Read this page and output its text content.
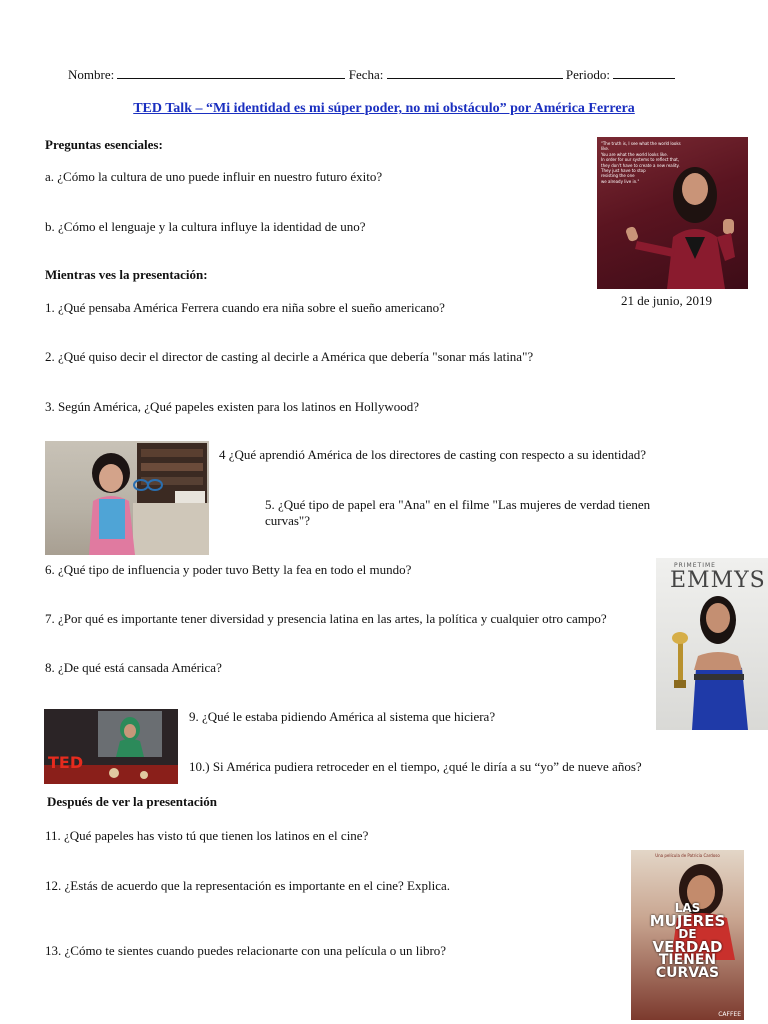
Nombre:	Fecha:	Periodo:
TED Talk – “Mi identidad es mi súper poder, no mi obstáculo” por América Ferrera
Preguntas esenciales:
a. ¿Cómo la cultura de uno puede influir en nuestro futuro éxito?
b. ¿Cómo el lenguaje y la cultura influye la identidad de uno?
"The truth is, I see what the world looks like.
You are what the world looks like.
In order for our systems to reflect that,
they don't have to create a new reality.
They just have to stop
resisting the one
we already live in."
21 de junio, 2019
Mientras ves la presentación:
1. ¿Qué pensaba América Ferrera cuando era niña sobre el sueño americano?
2. ¿Qué quiso decir el director de casting al decirle a América que debería "sonar más latina"?
3. Según América, ¿Qué papeles existen para los latinos en Hollywood?
4 ¿Qué aprendió América de los directores de casting con respecto a su identidad?
5. ¿Qué tipo de papel era "Ana" en el filme "Las mujeres de verdad tienen curvas"?
6. ¿Qué tipo de influencia y poder tuvo Betty la fea en todo el mundo?
7. ¿Por qué es importante tener diversidad y presencia latina en las artes, la política y cualquier otro campo?
PRIMETIME
EMMYS
8. ¿De qué está cansada América?
TED
9. ¿Qué le estaba pidiendo América al sistema que hiciera?
10.) Si América pudiera retroceder en el tiempo, ¿qué le diría a su “yo” de nueve años?
Después de ver la presentación
11. ¿Qué papeles has visto tú que tienen los latinos en el cine?
12. ¿Estás de acuerdo que la representación es importante en el cine? Explica.
13. ¿Cómo te sientes cuando puedes relacionarte con una película o un libro?
Una película de Patricia Cardoso
LAS
MUJERES
DE
VERDAD
TIENEN
CURVAS
CAFFEE
